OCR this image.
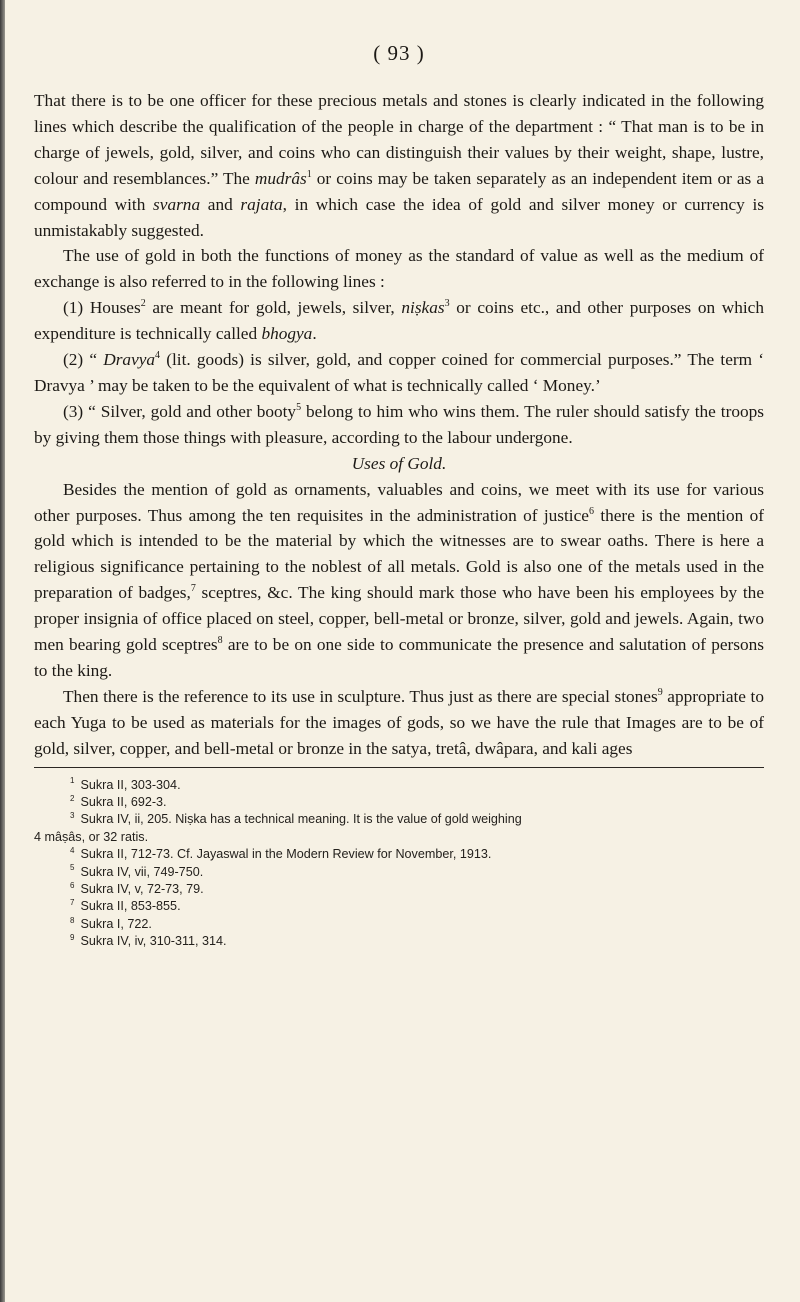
( 93 )

That there is to be one officer for these precious metals and stones is clearly indicated in the following lines which describe the qualification of the people in charge of the department : “ That man is to be in charge of jewels, gold, silver, and coins who can distinguish their values by their weight, shape, lustre, colour and resemblances.” The mudrâs$^1$ or coins may be taken separately as an independent item or as a compound with svarna and rajata, in which case the idea of gold and silver money or currency is unmistakably suggested.

The use of gold in both the functions of money as the standard of value as well as the medium of exchange is also referred to in the following lines :

(1) Houses$^2$ are meant for gold, jewels, silver, niṣkas$^3$ or coins etc., and other purposes on which expenditure is technically called bhogya.

(2) “ Dravya$^4$ (lit. goods) is silver, gold, and copper coined for commercial purposes.” The term ‘ Dravya ’ may be taken to be the equivalent of what is technically called ‘ Money.’

(3) “ Silver, gold and other booty$^5$ belong to him who wins them. The ruler should satisfy the troops by giving them those things with pleasure, according to the labour undergone.

Uses of Gold.

Besides the mention of gold as ornaments, valuables and coins, we meet with its use for various other purposes. Thus among the ten requisites in the administration of justice$^6$ there is the mention of gold which is intended to be the material by which the witnesses are to swear oaths. There is here a religious significance pertaining to the noblest of all metals. Gold is also one of the metals used in the preparation of badges,$^7$ sceptres, &c. The king should mark those who have been his employees by the proper insignia of office placed on steel, copper, bell-metal or bronze, silver, gold and jewels. Again, two men bearing gold sceptres$^8$ are to be on one side to communicate the presence and salutation of persons to the king.

Then there is the reference to its use in sculpture. Thus just as there are special stones$^9$ appropriate to each Yuga to be used as materials for the images of gods, so we have the rule that Images are to be of gold, silver, copper, and bell-metal or bronze in the satya, tretâ, dwâpara, and kali ages

$^1$ Sukra II, 303-304.
$^2$ Sukra II, 692-3.
$^3$ Sukra IV, ii, 205. Niṣka has a technical meaning. It is the value of gold weighing
4 mâṣâs, or 32 ratis.
$^4$ Sukra II, 712-73. Cf. Jayaswal in the Modern Review for November, 1913.
$^5$ Sukra IV, vii, 749-750.
$^6$ Sukra IV, v, 72-73, 79.
$^7$ Sukra II, 853-855.
$^8$ Sukra I, 722.
$^9$ Sukra IV, iv, 310-311, 314.
